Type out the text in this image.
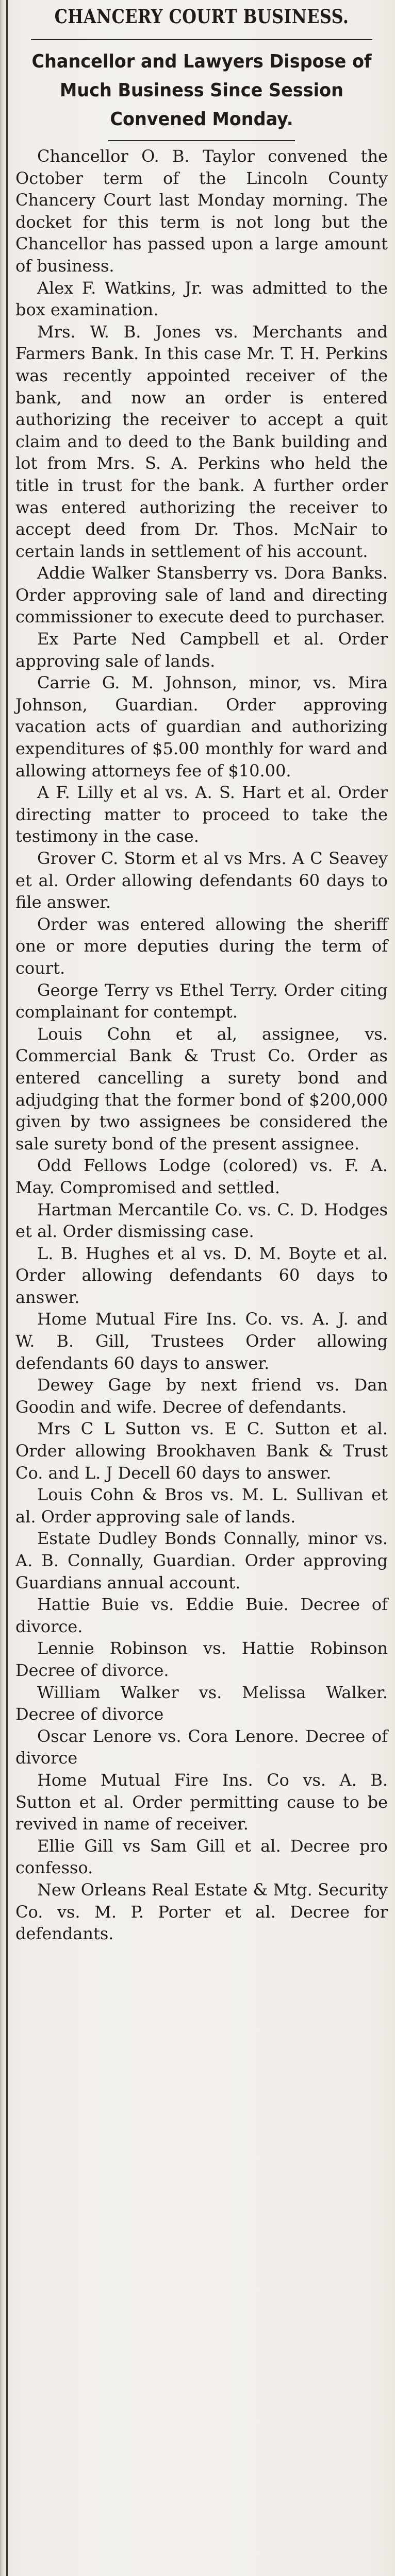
CHANCERY COURT BUSINESS.
Chancellor and Lawyers Dispose of
Much Business Since Session
Convened Monday.

Chancellor O. B. Taylor convened the October term of the Lincoln County Chancery Court last Monday morning. The docket for this term is not long but the Chancellor has passed upon a large amount of business.

Alex F. Watkins, Jr. was admitted to the box examination.

Mrs. W. B. Jones vs. Merchants and Farmers Bank. In this case Mr. T. H. Perkins was recently appointed receiver of the bank, and now an order is entered authorizing the receiver to accept a quit claim and to deed to the Bank building and lot from Mrs. S. A. Perkins who held the title in trust for the bank. A further order was entered authorizing the receiver to accept deed from Dr. Thos. McNair to certain lands in settlement of his account.

Addie Walker Stansberry vs. Dora Banks. Order approving sale of land and directing commissioner to execute deed to purchaser.

Ex Parte Ned Campbell et al. Order approving sale of lands.

Carrie G. M. Johnson, minor, vs. Mira Johnson, Guardian. Order approving vacation acts of guardian and authorizing expenditures of $5.00 monthly for ward and allowing attorneys fee of $10.00.

A F. Lilly et al vs. A. S. Hart et al. Order directing matter to proceed to take the testimony in the case.

Grover C. Storm et al vs Mrs. A C Seavey et al. Order allowing defendants 60 days to file answer.

Order was entered allowing the sheriff one or more deputies during the term of court.

George Terry vs Ethel Terry. Order citing complainant for contempt.

Louis Cohn et al, assignee, vs. Commercial Bank & Trust Co. Order as entered cancelling a surety bond and adjudging that the former bond of $200,000 given by two assignees be considered the sale surety bond of the present assignee.

Odd Fellows Lodge (colored) vs. F. A. May. Compromised and settled.

Hartman Mercantile Co. vs. C. D. Hodges et al. Order dismissing case.

L. B. Hughes et al vs. D. M. Boyte et al. Order allowing defendants 60 days to answer.

Home Mutual Fire Ins. Co. vs. A. J. and W. B. Gill, Trustees Order allowing defendants 60 days to answer.

Dewey Gage by next friend vs. Dan Goodin and wife. Decree of defendants.

Mrs C L Sutton vs. E C. Sutton et al. Order allowing Brookhaven Bank & Trust Co. and L. J Decell 60 days to answer.

Louis Cohn & Bros vs. M. L. Sullivan et al. Order approving sale of lands.

Estate Dudley Bonds Connally, minor vs. A. B. Connally, Guardian. Order approving Guardians annual account.

Hattie Buie vs. Eddie Buie. Decree of divorce.

Lennie Robinson vs. Hattie Robinson Decree of divorce.

William Walker vs. Melissa Walker. Decree of divorce

Oscar Lenore vs. Cora Lenore. Decree of divorce

Home Mutual Fire Ins. Co vs. A. B. Sutton et al. Order permitting cause to be revived in name of receiver.

Ellie Gill vs Sam Gill et al. Decree pro confesso.

New Orleans Real Estate & Mtg. Security Co. vs. M. P. Porter et al. Decree for defendants.
